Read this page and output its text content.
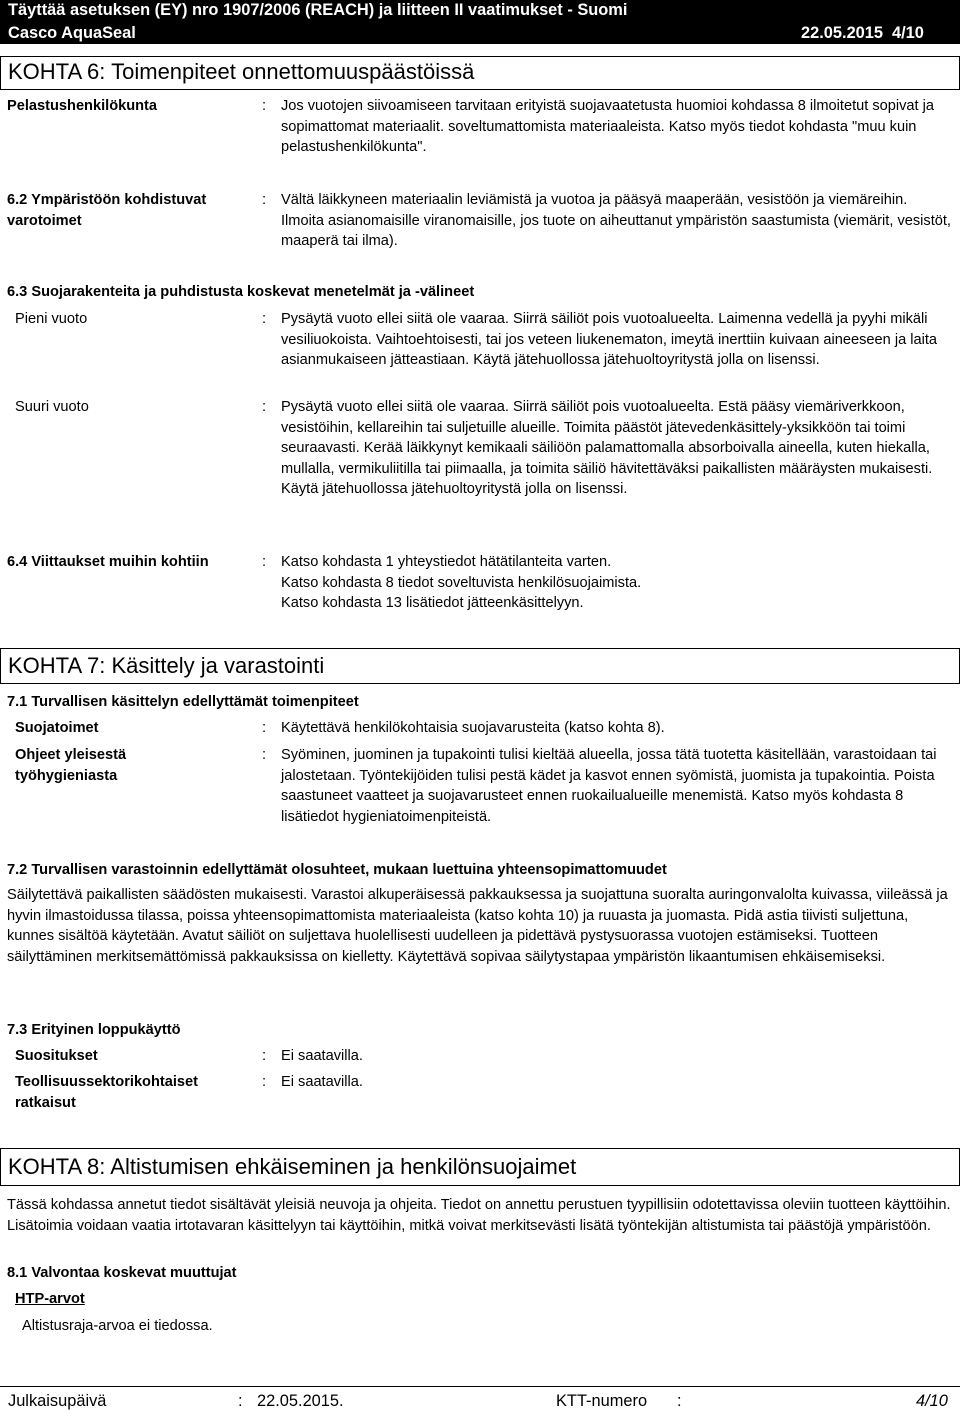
Täyttää asetuksen (EY) nro 1907/2006 (REACH) ja liitteen II vaatimukset - Suomi
Casco AquaSeal	22.05.2015 4/10
KOHTA 6: Toimenpiteet onnettomuuspäästöissä
Pelastushenkilökunta	: Jos vuotojen siivoamiseen tarvitaan erityistä suojavaatetusta huomioi kohdassa 8 ilmoitetut sopivat ja sopimattomat materiaalit. soveltumattomista materiaaleista. Katso myös tiedot kohdasta "muu kuin pelastushenkilökunta".
6.2 Ympäristöön kohdistuvat varotoimet
: Vältä läikkyneen materiaalin leviämistä ja vuotoa ja pääsyä maaperään, vesistöön ja viemäreihin. Ilmoita asianomaisille viranomaisille, jos tuote on aiheuttanut ympäristön saastumista (viemärit, vesistöt, maaperä tai ilma).
6.3 Suojarakenteita ja puhdistusta koskevat menetelmät ja -välineet
Pieni vuoto	: Pysäytä vuoto ellei siitä ole vaaraa. Siirrä säiliöt pois vuotoalueelta. Laimenna vedellä ja pyyhi mikäli vesiliuokoista. Vaihtoehtoisesti, tai jos veteen liukenematon, imeytä inerttiin kuivaan aineeseen ja laita asianmukaiseen jätteastiaan. Käytä jätehuollossa jätehuoltoyritystä jolla on lisenssi.
Suuri vuoto	: Pysäytä vuoto ellei siitä ole vaaraa. Siirrä säiliöt pois vuotoalueelta. Estä pääsy viemäriverkkoon, vesistöihin, kellareihin tai suljetuille alueille. Toimita päästöt jätevedenkäsittely-yksikköön tai toimi seuraavasti. Kerää läikkynyt kemikaali säiliöön palamattomalla absorboivalla aineella, kuten hiekalla, mullalla, vermikuliitilla tai piimaalla, ja toimita säiliö hävitettäväksi paikallisten määräysten mukaisesti. Käytä jätehuollossa jätehuoltoyritystä jolla on lisenssi.
6.4 Viittaukset muihin kohtiin	: Katso kohdasta 1 yhteystiedot hätätilanteita varten.
Katso kohdasta 8 tiedot soveltuvista henkilösuojaimista.
Katso kohdasta 13 lisätiedot jätteenkäsittelyyn.
KOHTA 7: Käsittely ja varastointi
7.1 Turvallisen käsittelyn edellyttämät toimenpiteet
Suojatoimet	: Käytettävä henkilökohtaisia suojavarusteita (katso kohta 8).
Ohjeet yleisestä työhygieniasta
: Syöminen, juominen ja tupakointi tulisi kieltää alueella, jossa tätä tuotetta käsitellään, varastoidaan tai jalostetaan. Työntekijöiden tulisi pestä kädet ja kasvot ennen syömistä, juomista ja tupakointia. Poista saastuneet vaatteet ja suojavarusteet ennen ruokailualueille menemistä. Katso myös kohdasta 8 lisätiedot hygieniatoimenpiteistä.
7.2 Turvallisen varastoinnin edellyttämät olosuhteet, mukaan luettuina yhteensopimattomuudet
Säilytettävä paikallisten säädösten mukaisesti. Varastoi alkuperäisessä pakkauksessa ja suojattuna suoralta auringonvalolta kuivassa, viileässä ja hyvin ilmastoidussa tilassa, poissa yhteensopimattomista materiaaleista (katso kohta 10) ja ruuasta ja juomasta. Pidä astia tiivisti suljettuna, kunnes sisältöä käytetään. Avatut säiliöt on suljettava huolellisesti uudelleen ja pidettävä pystysuorassa vuotojen estämiseksi. Tuotteen säilyttäminen merkitsemättömissä pakkauksissa on kielletty. Käytettävä sopivaa säilytystapaa ympäristön likaantumisen ehkäisemiseksi.
7.3 Erityinen loppukäyttö
Suositukset	: Ei saatavilla.
Teollisuussektorikohtaiset ratkaisut
: Ei saatavilla.
KOHTA 8: Altistumisen ehkäiseminen ja henkilönsuojaimet
Tässä kohdassa annetut tiedot sisältävät yleisiä neuvoja ja ohjeita. Tiedot on annettu perustuen tyypillisiin odotettavissa oleviin tuotteen käyttöihin. Lisätoimia voidaan vaatia irtotavaran käsittelyyn tai käyttöihin, mitkä voivat merkitsevästi lisätä työntekijän altistumista tai päästöjä ympäristöön.
8.1 Valvontaa koskevat muuttujat
HTP-arvot
Altistusraja-arvoa ei tiedossa.
Julkaisupäivä	: 22.05.2015.	KTT-numero :	4/10
